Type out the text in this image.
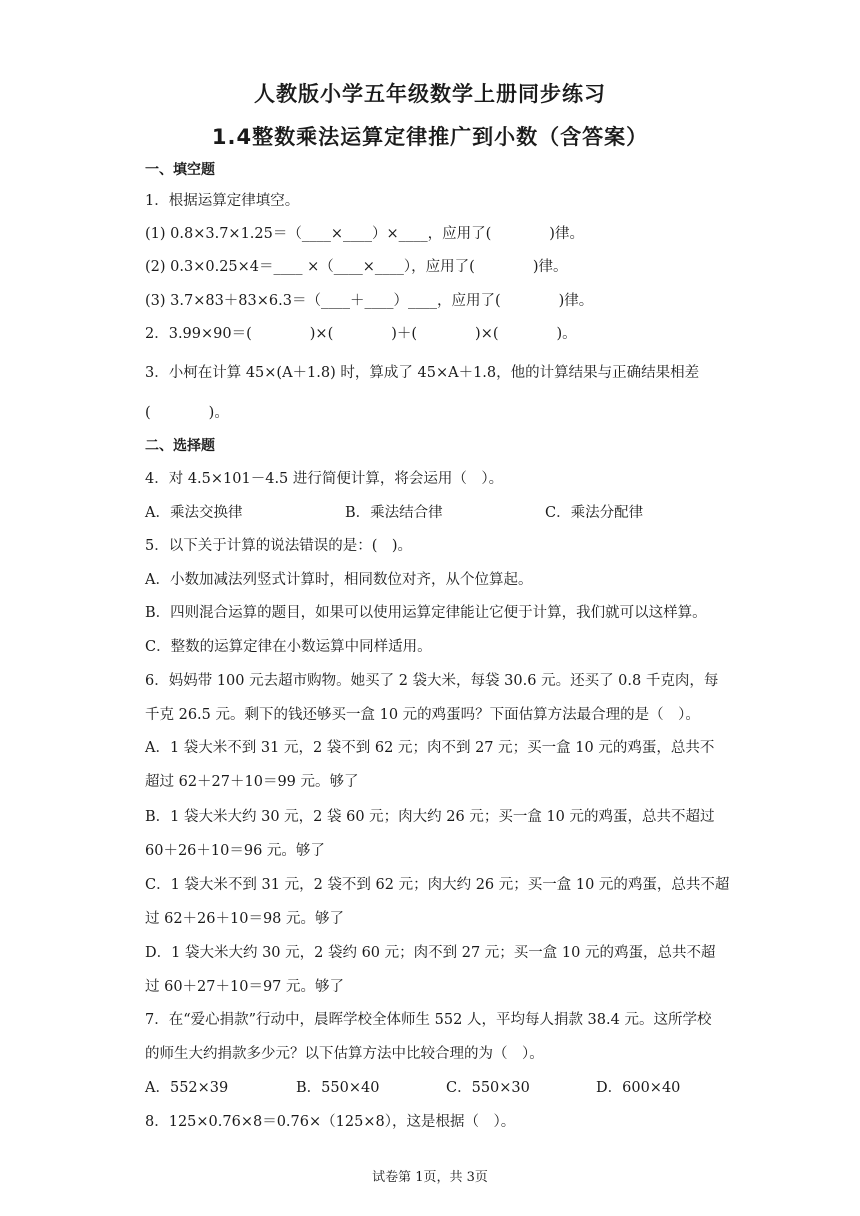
人教版小学五年级数学上册同步练习
1.4整数乘法运算定律推广到小数（含答案）
一、填空题
1．根据运算定律填空。
(1) 0.8×3.7×1.25＝（____×____）×____，应用了(　　　　)律。
(2) 0.3×0.25×4＝____ ×（____×____），应用了(　　　　)律。
(3) 3.7×83＋83×6.3＝（____＋____）____，应用了(　　　　)律。
2．3.99×90＝(　　　　)×(　　　　)＋(　　　　)×(　　　　)。
3．小柯在计算 45×(A＋1.8) 时，算成了 45×A＋1.8，他的计算结果与正确结果相差
(　　　　)。
二、选择题
4．对 4.5×101－4.5 进行简便计算，将会运用（　）。
A．乘法交换律	B．乘法结合律	C．乘法分配律
5．以下关于计算的说法错误的是：(　)。
A．小数加减法列竖式计算时，相同数位对齐，从个位算起。
B．四则混合运算的题目，如果可以使用运算定律能让它便于计算，我们就可以这样算。
C．整数的运算定律在小数运算中同样适用。
6．妈妈带 100 元去超市购物。她买了 2 袋大米，每袋 30.6 元。还买了 0.8 千克肉，每
千克 26.5 元。剩下的钱还够买一盒 10 元的鸡蛋吗？下面估算方法最合理的是（　）。
A．1 袋大米不到 31 元，2 袋不到 62 元；肉不到 27 元；买一盒 10 元的鸡蛋，总共不
超过 62＋27＋10＝99 元。够了
B．1 袋大米大约 30 元，2 袋 60 元；肉大约 26 元；买一盒 10 元的鸡蛋，总共不超过
60＋26＋10＝96 元。够了
C．1 袋大米不到 31 元，2 袋不到 62 元；肉大约 26 元；买一盒 10 元的鸡蛋，总共不超
过 62＋26＋10＝98 元。够了
D．1 袋大米大约 30 元，2 袋约 60 元；肉不到 27 元；买一盒 10 元的鸡蛋，总共不超
过 60＋27＋10＝97 元。够了
7．在“爱心捐款”行动中，晨晖学校全体师生 552 人，平均每人捐款 38.4 元。这所学校
的师生大约捐款多少元？以下估算方法中比较合理的为（　）。
A．552×39	B．550×40	C．550×30	D．600×40
8．125×0.76×8＝0.76×（125×8），这是根据（　）。
试卷第 1页，共 3页
